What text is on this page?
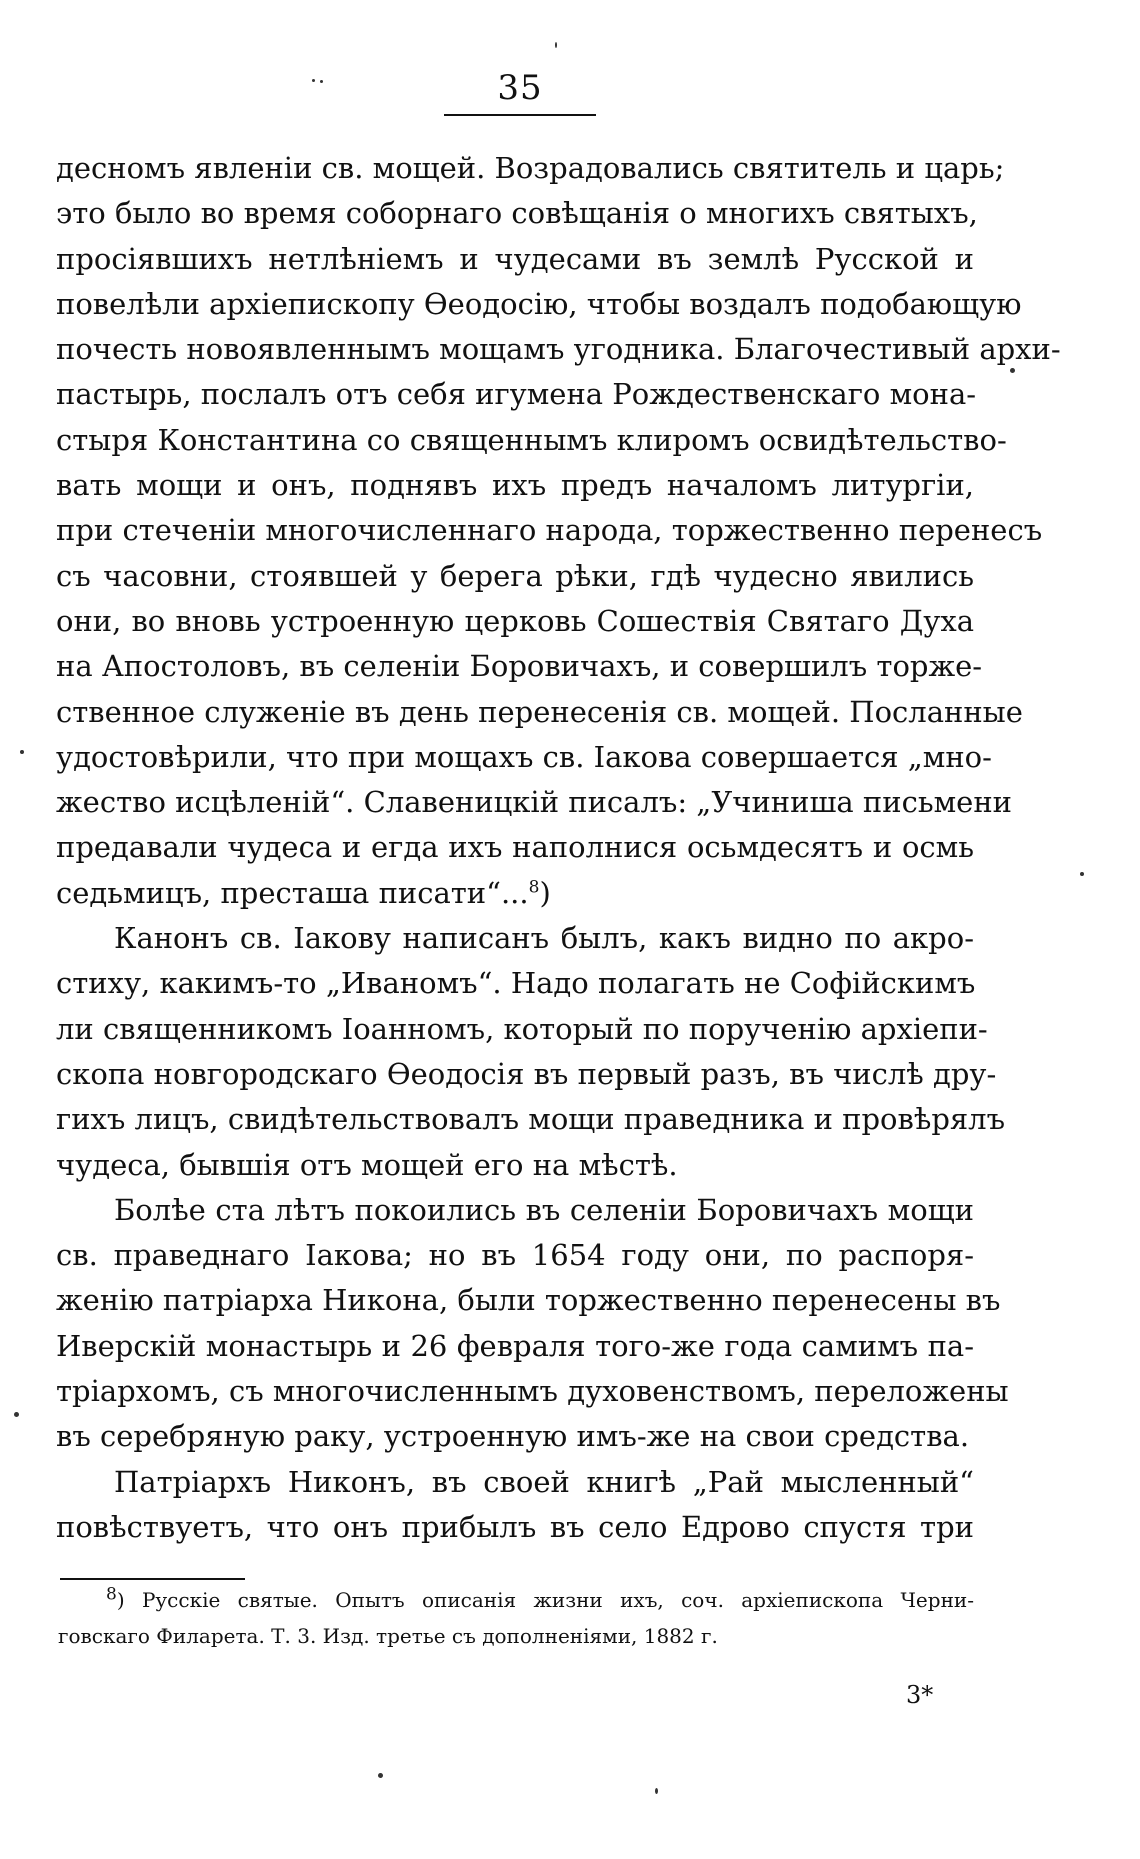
35

десномъ явленіи св. мощей. Возрадовались святитель и царь;
это было во время соборнаго совѣщанія о многихъ святыхъ,
просіявшихъ нетлѣніемъ и чудесами въ землѣ Русской и
повелѣли архіепископу Ѳеодосію, чтобы воздалъ подобающую
почесть новоявленнымъ мощамъ угодника. Благочестивый архи-
пастырь, послалъ отъ себя игумена Рождественскаго мона-
стыря Константина со священнымъ клиромъ освидѣтельство-
вать мощи и онъ, поднявъ ихъ предъ началомъ литургіи,
при стеченіи многочисленнаго народа, торжественно перенесъ
съ часовни, стоявшей у берега рѣки, гдѣ чудесно явились
они, во вновь устроенную церковь Сошествія Святаго Духа
на Апостоловъ, въ селеніи Боровичахъ, и совершилъ торже-
ственное служеніе въ день перенесенія св. мощей. Посланные
удостовѣрили, что при мощахъ св. Іакова совершается „мно-
жество исцѣленій“. Славеницкій писалъ: „Учиниша письмени
предавали чудеса и егда ихъ наполнися осьмдесятъ и осмь
седьмицъ, престаша писати“...$^8$)

Канонъ св. Іакову написанъ былъ, какъ видно по акро-
стиху, какимъ-то „Иваномъ“. Надо полагать не Софійскимъ
ли священникомъ Іоанномъ, который по порученію архіепи-
скопа новгородскаго Ѳеодосія въ первый разъ, въ числѣ дру-
гихъ лицъ, свидѣтельствовалъ мощи праведника и провѣрялъ
чудеса, бывшія отъ мощей его на мѣстѣ.

Болѣе ста лѣтъ покоились въ селеніи Боровичахъ мощи
св. праведнаго Іакова; но въ 1654 году они, по распоря-
женію патріарха Никона, были торжественно перенесены въ
Иверскій монастырь и 26 февраля того-же года самимъ па-
тріархомъ, съ многочисленнымъ духовенствомъ, переложены
въ серебряную раку, устроенную имъ-же на свои средства.

Патріархъ Никонъ, въ своей книгѣ „Рай мысленный“
повѣствуетъ, что онъ прибылъ въ село Едрово спустя три

$^8$) Русскіе святые. Опытъ описанія жизни ихъ, соч. архіепископа Черни-
говскаго Филарета. Т. 3. Изд. третье съ дополненіями, 1882 г.
3*
